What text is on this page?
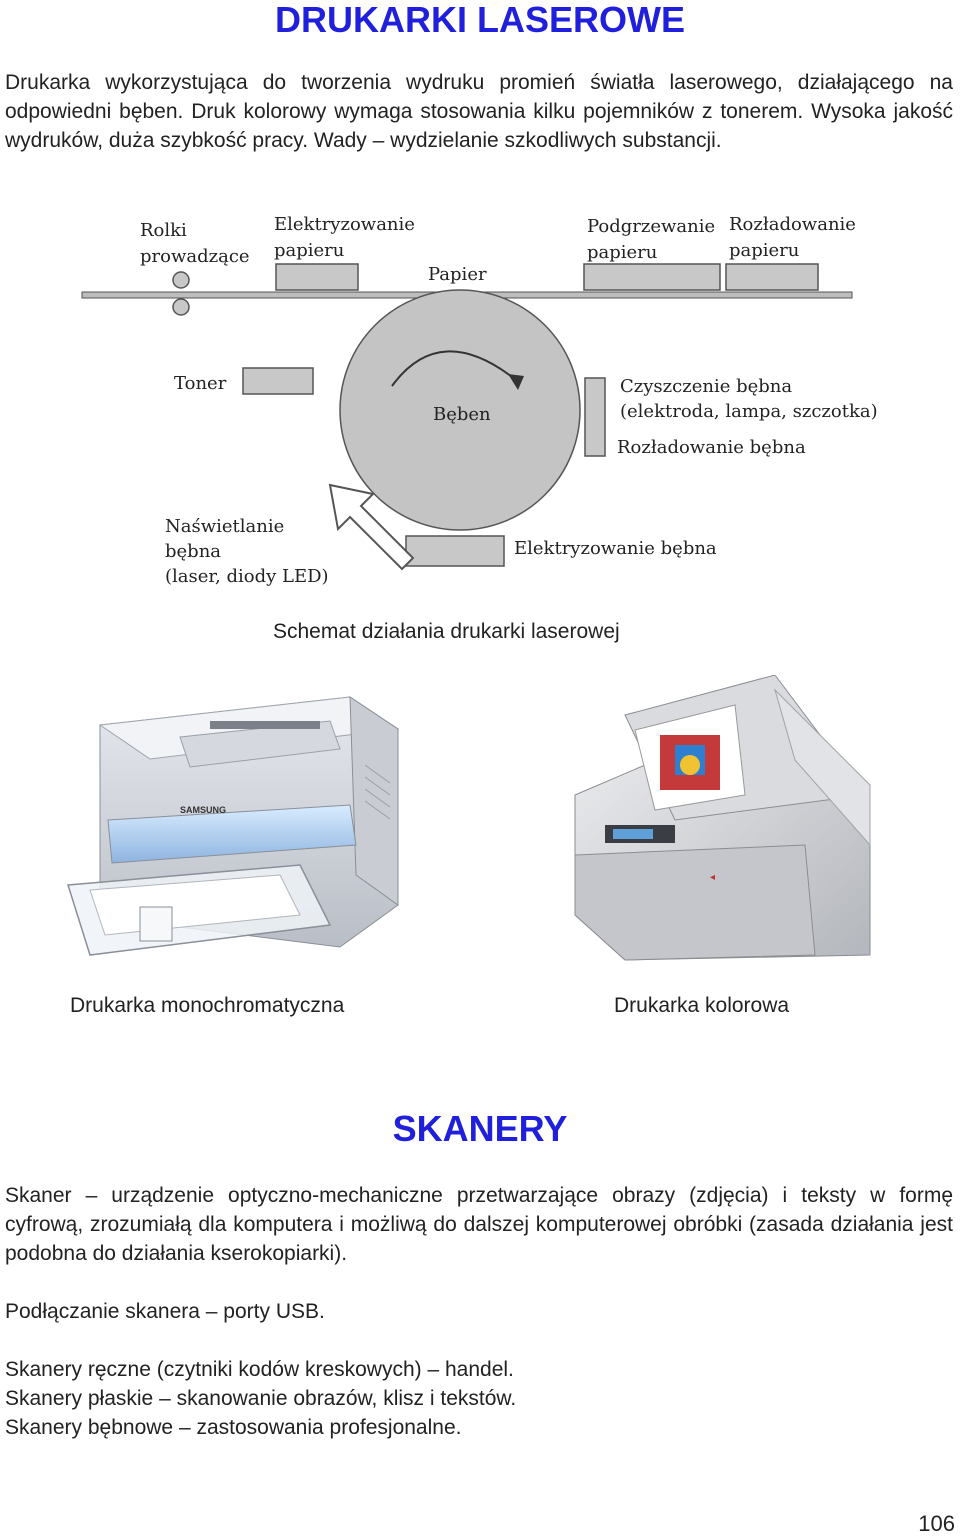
DRUKARKI LASEROWE
Drukarka wykorzystująca do tworzenia wydruku promień światła laserowego, działającego na odpowiedni bęben. Druk kolorowy wymaga stosowania kilku pojemników z tonerem. Wysoka jakość wydruków, duża szybkość pracy. Wady – wydzielanie szkodliwych substancji.
Rolki
prowadzące
Elektryzowanie
papieru
Papier
Podgrzewanie
papieru
Rozładowanie
papieru
Toner
Bęben
Czyszczenie bębna
(elektroda, lampa, szczotka)
Rozładowanie bębna
Naświetlanie
bębna
(laser, diody LED)
Elektryzowanie bębna
Schemat działania drukarki laserowej
SAMSUNG
◂
Drukarka monochromatyczna	Drukarka kolorowa
SKANERY
Skaner – urządzenie optyczno-mechaniczne przetwarzające obrazy (zdjęcia) i teksty w formę cyfrową, zrozumiałą dla komputera i możliwą do dalszej komputerowej obróbki (zasada działania jest podobna do działania kserokopiarki).
Podłączanie skanera – porty USB.
Skanery ręczne (czytniki kodów kreskowych) – handel.
Skanery płaskie – skanowanie obrazów, klisz i tekstów.
Skanery bębnowe – zastosowania profesjonalne.
106
